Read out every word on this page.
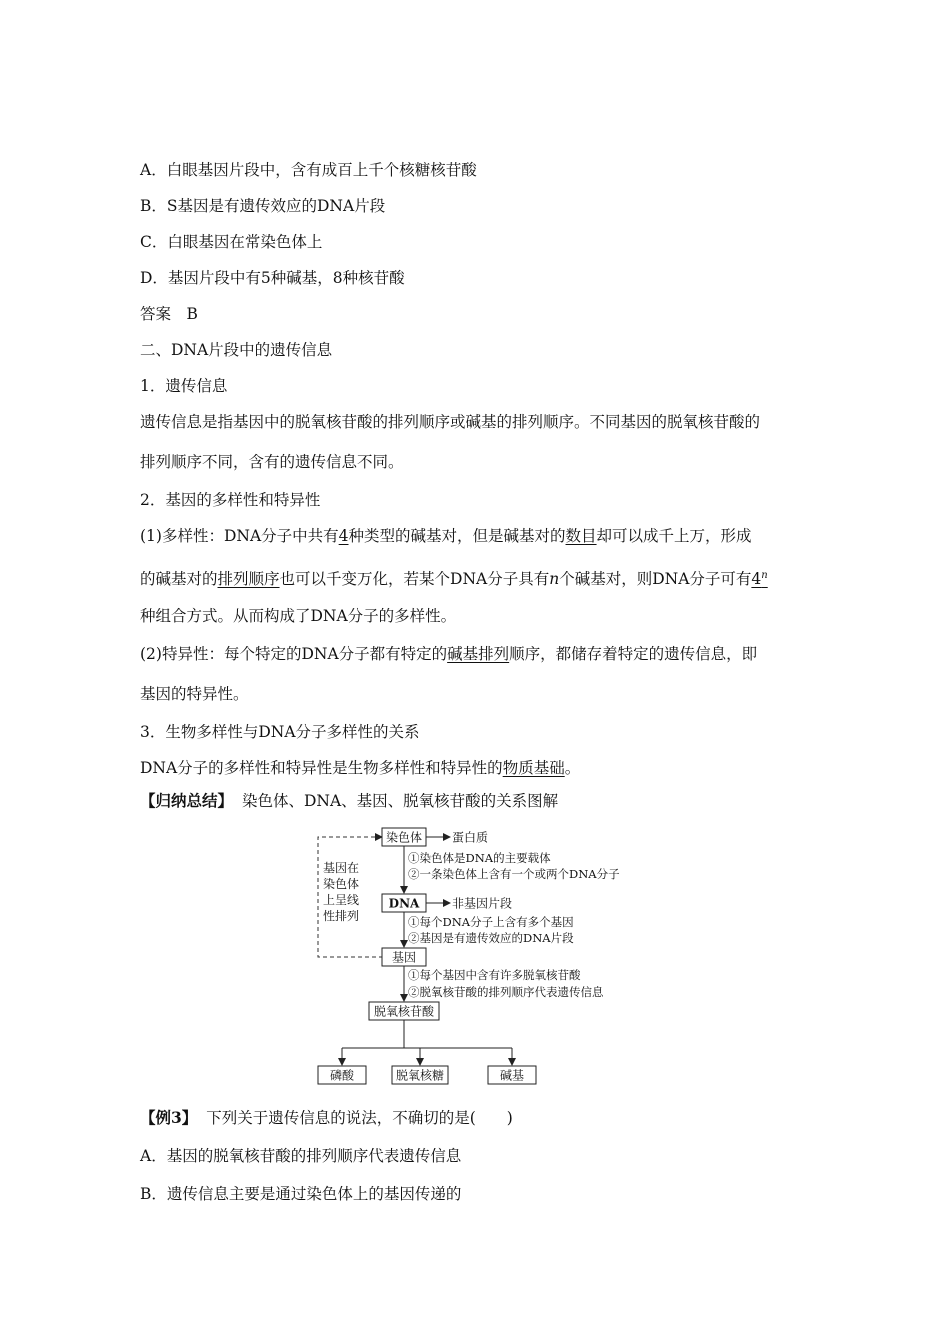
A．白眼基因片段中，含有成百上千个核糖核苷酸
B．S基因是有遗传效应的DNA片段
C．白眼基因在常染色体上
D．基因片段中有5种碱基，8种核苷酸
答案　B
二、DNA片段中的遗传信息
1．遗传信息
遗传信息是指基因中的脱氧核苷酸的排列顺序或碱基的排列顺序。不同基因的脱氧核苷酸的
排列顺序不同，含有的遗传信息不同。
2．基因的多样性和特异性
(1)多样性：DNA分子中共有4种类型的碱基对，但是碱基对的数目却可以成千上万，形成
的碱基对的排列顺序也可以千变万化，若某个DNA分子具有n个碱基对，则DNA分子可有4$^n$
种组合方式。从而构成了DNA分子的多样性。
(2)特异性：每个特定的DNA分子都有特定的碱基排列顺序，都储存着特定的遗传信息，即
基因的特异性。
3．生物多样性与DNA分子多样性的关系
DNA分子的多样性和特异性是生物多样性和特异性的物质基础。
【归纳总结】 染色体、DNA、基因、脱氧核苷酸的关系图解
基因在
染色体
上呈线
性排列
染色体 蛋白质
①染色体是DNA的主要载体
②一条染色体上含有一个或两个DNA分子
DNA	非基因片段
①每个DNA分子上含有多个基因
②基因是有遗传效应的DNA片段
基因
①每个基因中含有许多脱氧核苷酸
②脱氧核苷酸的排列顺序代表遗传信息
脱氧核苷酸
磷酸	脱氧核糖	碱基
【例3】 下列关于遗传信息的说法，不确切的是(　　)
A．基因的脱氧核苷酸的排列顺序代表遗传信息
B．遗传信息主要是通过染色体上的基因传递的
